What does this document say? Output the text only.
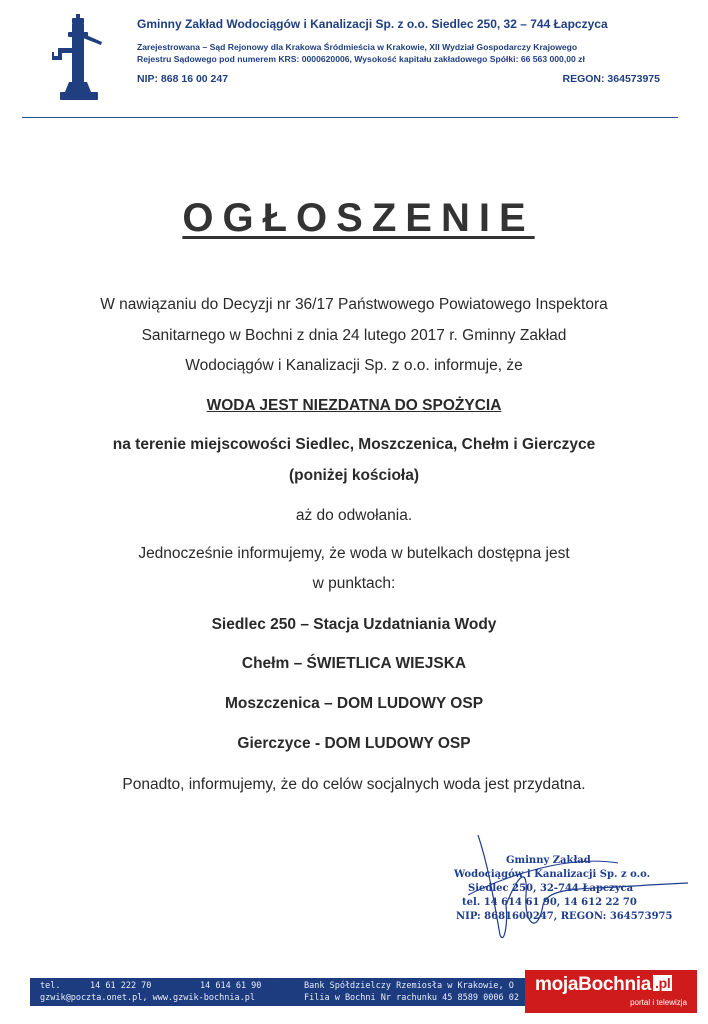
Gminny Zakład Wodociągów i Kanalizacji Sp. z o.o. Siedlec 250, 32 – 744 Łapczyca
Zarejestrowana – Sąd Rejonowy dla Krakowa Śródmieścia w Krakowie, XII Wydział Gospodarczy Krajowego
Rejestru Sądowego pod numerem KRS: 0000620006, Wysokość kapitału zakładowego Spółki: 66 563 000,00 zł
NIP: 868 16 00 247	REGON: 364573975
OGŁOSZENIE
W nawiązaniu do Decyzji nr 36/17 Państwowego Powiatowego Inspektora
Sanitarnego w Bochni z dnia 24 lutego 2017 r. Gminny Zakład
Wodociągów i Kanalizacji Sp. z o.o. informuje, że
WODA JEST NIEZDATNA DO SPOŻYCIA
na terenie miejscowości Siedlec, Moszczenica, Chełm i Gierczyce
(poniżej kościoła)
aż do odwołania.
Jednocześnie informujemy, że woda w butelkach dostępna jest
w punktach:
Siedlec 250 – Stacja Uzdatniania Wody
Chełm – ŚWIETLICA WIEJSKA
Moszczenica – DOM LUDOWY OSP
Gierczyce - DOM LUDOWY OSP
Ponadto, informujemy, że do celów socjalnych woda jest przydatna.
Gminny Zakład
Wodociągów i Kanalizacji Sp. z o.o.
Siedlec 250, 32-744 Łapczyca
tel. 14 614 61 90, 14 612 22 70
NIP: 8681600247, REGON: 364573975
tel.	14 61 222 70	14 614 61 90
gzwik@poczta.onet.pl, www.gzwik-bochnia.pl
Bank Spółdzielczy Rzemiosła w Krakowie, O
Filia w Bochni Nr rachunku 45 8589 0006 02
mojaBochnia .pl
portal i telewizja
